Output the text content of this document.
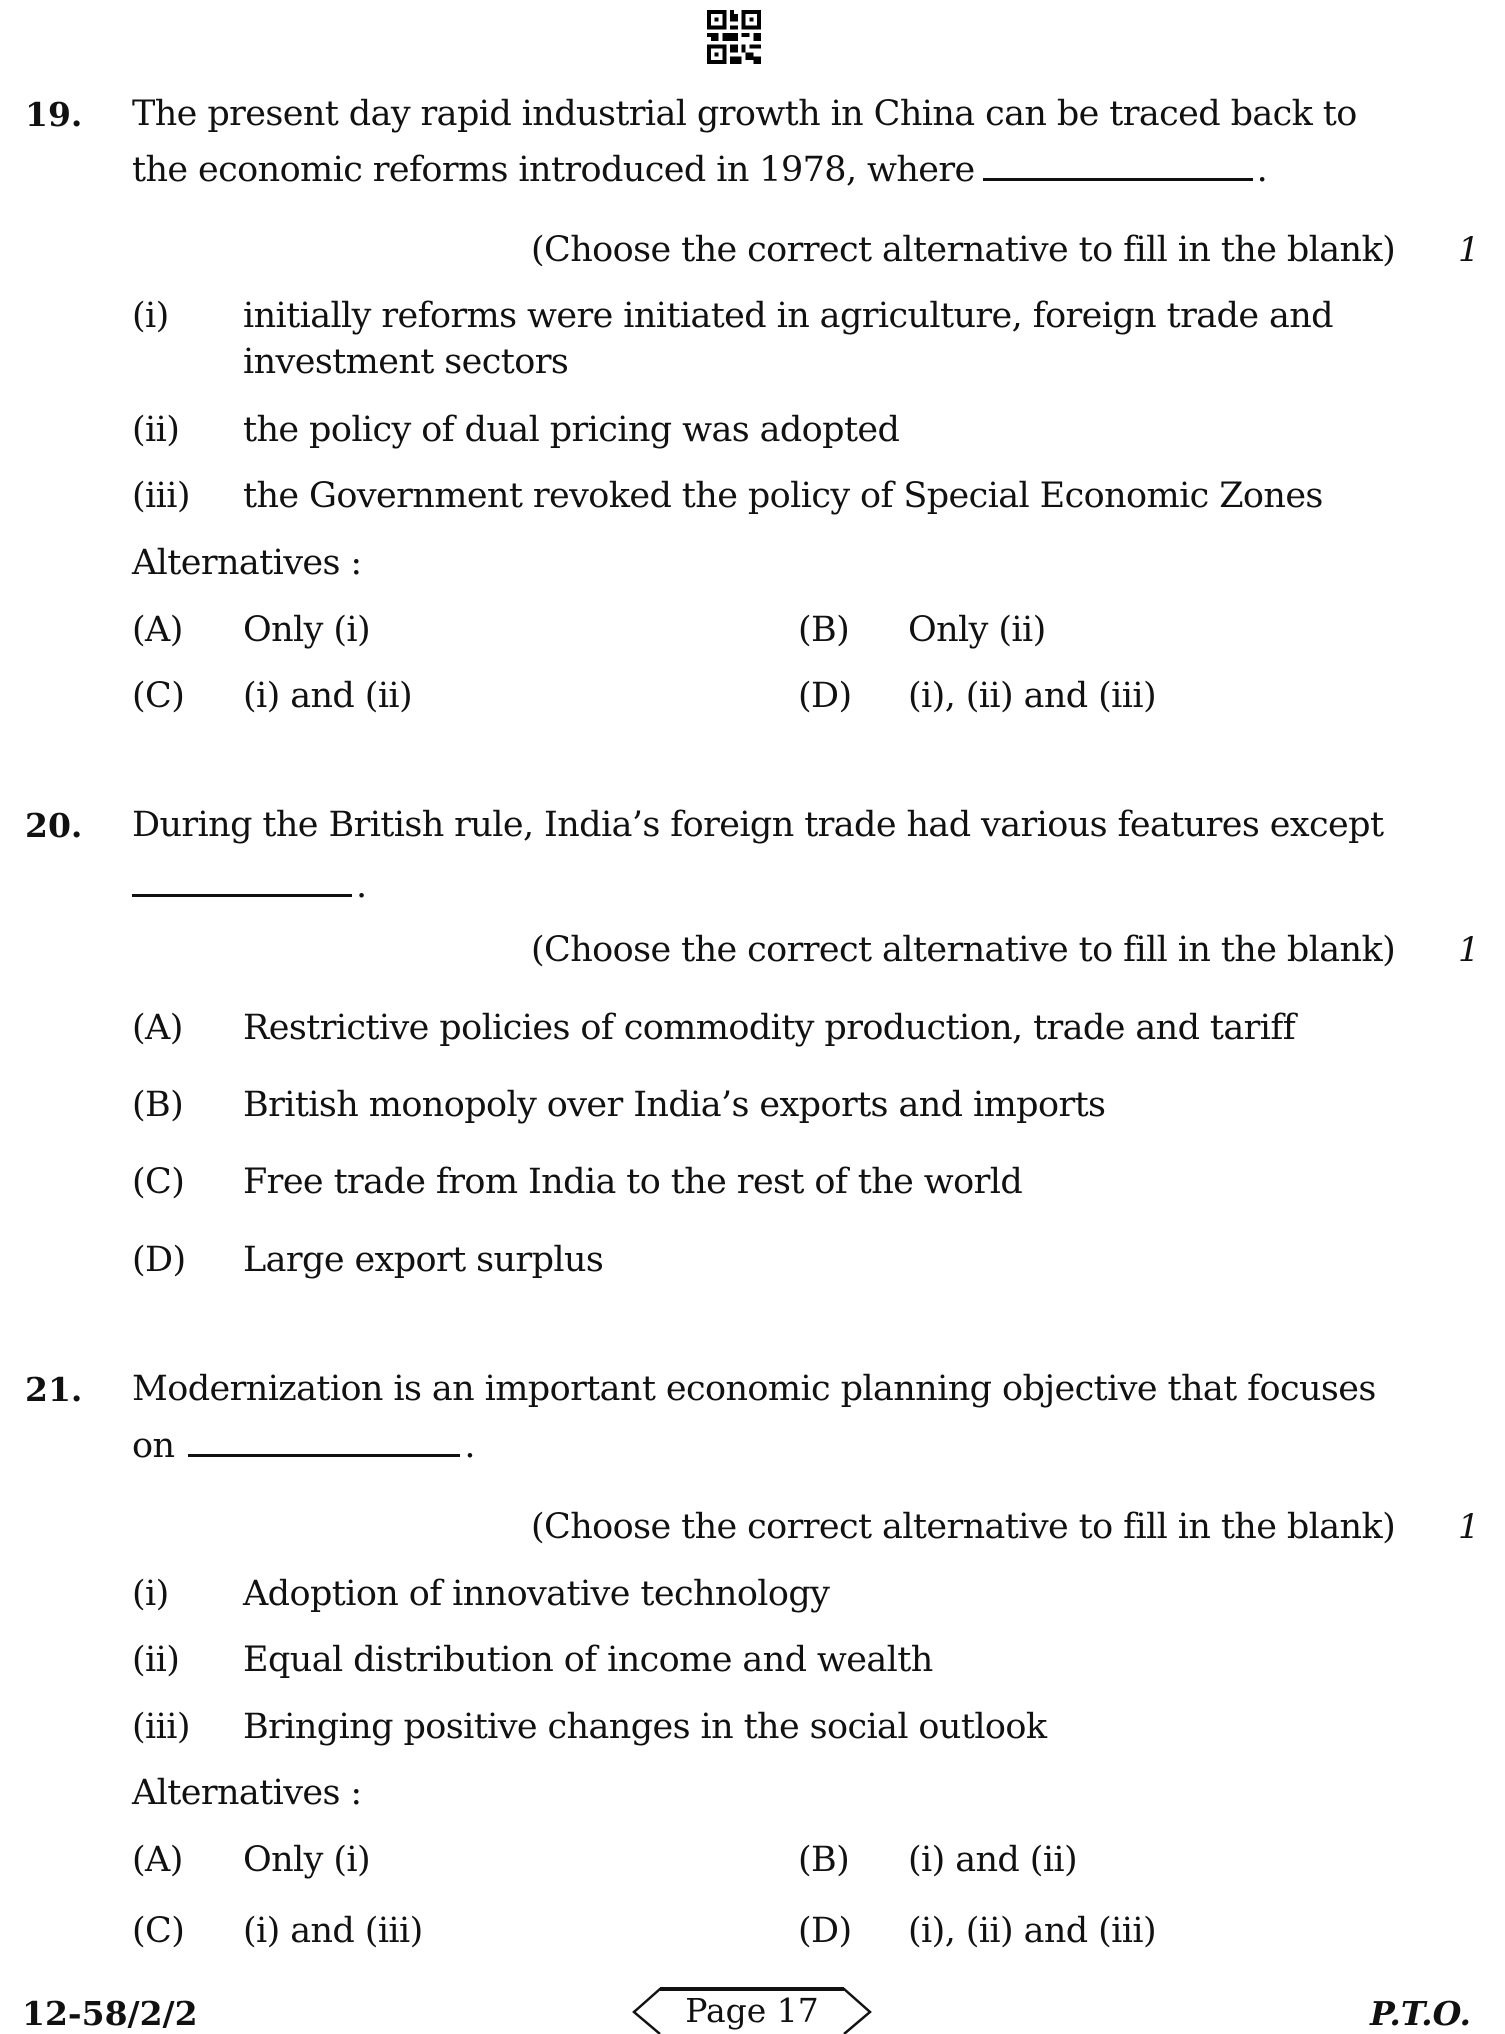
19. The present day rapid industrial growth in China can be traced back to
the economic reforms introduced in 1978, where	.
(Choose the correct alternative to fill in the blank) 1
(i) initially reforms were initiated in agriculture, foreign trade and
investment sectors
(ii) the policy of dual pricing was adopted
(iii) the Government revoked the policy of Special Economic Zones
Alternatives :
(A) Only (i)	(B) Only (ii)
(C) (i) and (ii)	(D) (i), (ii) and (iii)
20. During the British rule, India’s foreign trade had various features except
.
(Choose the correct alternative to fill in the blank) 1
(A) Restrictive policies of commodity production, trade and tariff
(B) British monopoly over India’s exports and imports
(C) Free trade from India to the rest of the world
(D) Large export surplus
21. Modernization is an important economic planning objective that focuses
on	.
(Choose the correct alternative to fill in the blank) 1
(i) Adoption of innovative technology
(ii) Equal distribution of income and wealth
(iii) Bringing positive changes in the social outlook
Alternatives :
(A) Only (i)	(B) (i) and (ii)
(C) (i) and (iii)	(D) (i), (ii) and (iii)
12-58/2/2	Page 17	P.T.O.
